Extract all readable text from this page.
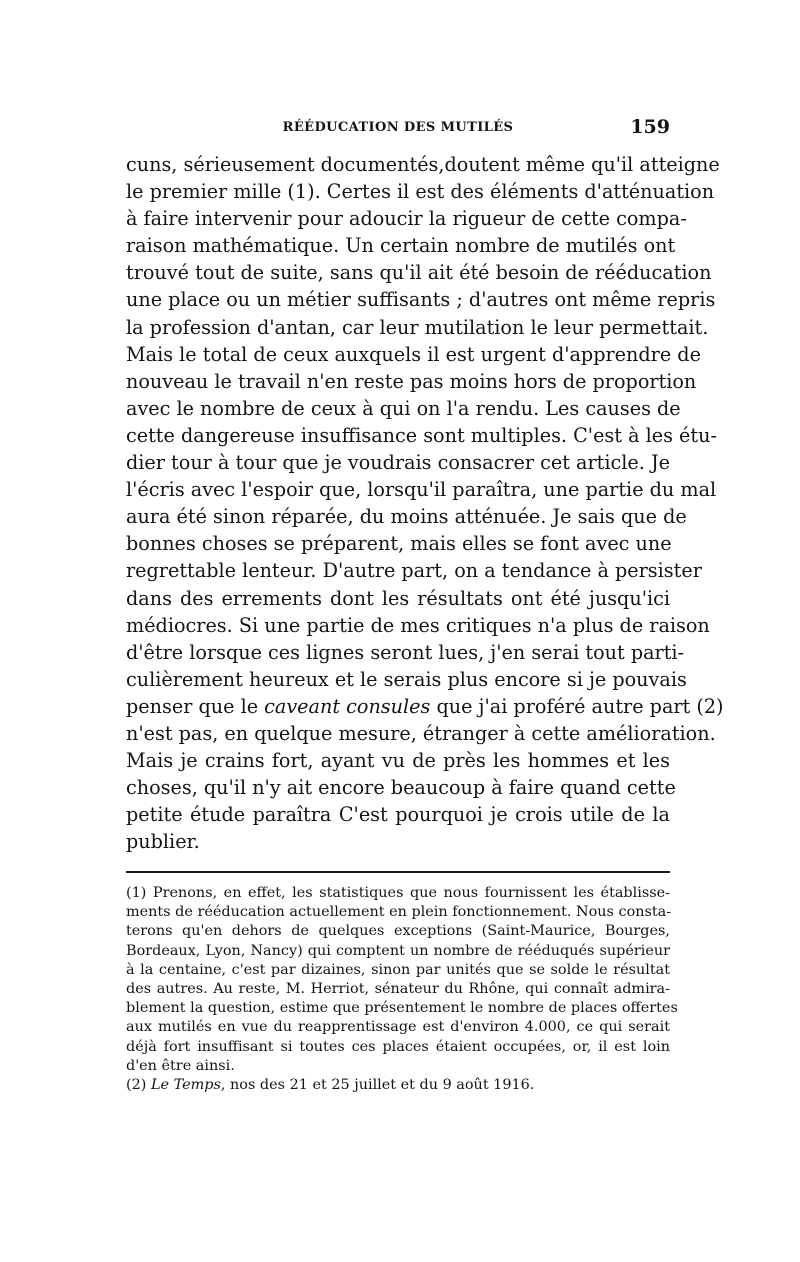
RÉÉDUCATION DES MUTILÉS	159
cuns, sérieusement documentés,doutent même qu'il atteigne
le premier mille (1). Certes il est des éléments d'atténuation
à faire intervenir pour adoucir la rigueur de cette compa-
raison mathématique. Un certain nombre de mutilés ont
trouvé tout de suite, sans qu'il ait été besoin de rééducation
une place ou un métier suffisants ; d'autres ont même repris
la profession d'antan, car leur mutilation le leur permettait.
Mais le total de ceux auxquels il est urgent d'apprendre de
nouveau le travail n'en reste pas moins hors de proportion
avec le nombre de ceux à qui on l'a rendu. Les causes de
cette dangereuse insuffisance sont multiples. C'est à les étu-
dier tour à tour que je voudrais consacrer cet article. Je
l'écris avec l'espoir que, lorsqu'il paraîtra, une partie du mal
aura été sinon réparée, du moins atténuée. Je sais que de
bonnes choses se préparent, mais elles se font avec une
regrettable lenteur. D'autre part, on a tendance à persister
dans des errements dont les résultats ont été jusqu'ici
médiocres. Si une partie de mes critiques n'a plus de raison
d'être lorsque ces lignes seront lues, j'en serai tout parti-
culièrement heureux et le serais plus encore si je pouvais
penser que le caveant consules que j'ai proféré autre part (2)
n'est pas, en quelque mesure, étranger à cette amélioration.
Mais je crains fort, ayant vu de près les hommes et les
choses, qu'il n'y ait encore beaucoup à faire quand cette
petite étude paraîtra C'est pourquoi je crois utile de la
publier.
(1) Prenons, en effet, les statistiques que nous fournissent les établisse-
ments de rééducation actuellement en plein fonctionnement. Nous consta-
terons qu'en dehors de quelques exceptions (Saint-Maurice, Bourges,
Bordeaux, Lyon, Nancy) qui comptent un nombre de rééduqués supérieur
à la centaine, c'est par dizaines, sinon par unités que se solde le résultat
des autres. Au reste, M. Herriot, sénateur du Rhône, qui connaît admira-
blement la question, estime que présentement le nombre de places offertes
aux mutilés en vue du reapprentissage est d'environ 4.000, ce qui serait
déjà fort insuffisant si toutes ces places étaient occupées, or, il est loin
d'en être ainsi.
(2) Le Temps, nos des 21 et 25 juillet et du 9 août 1916.
